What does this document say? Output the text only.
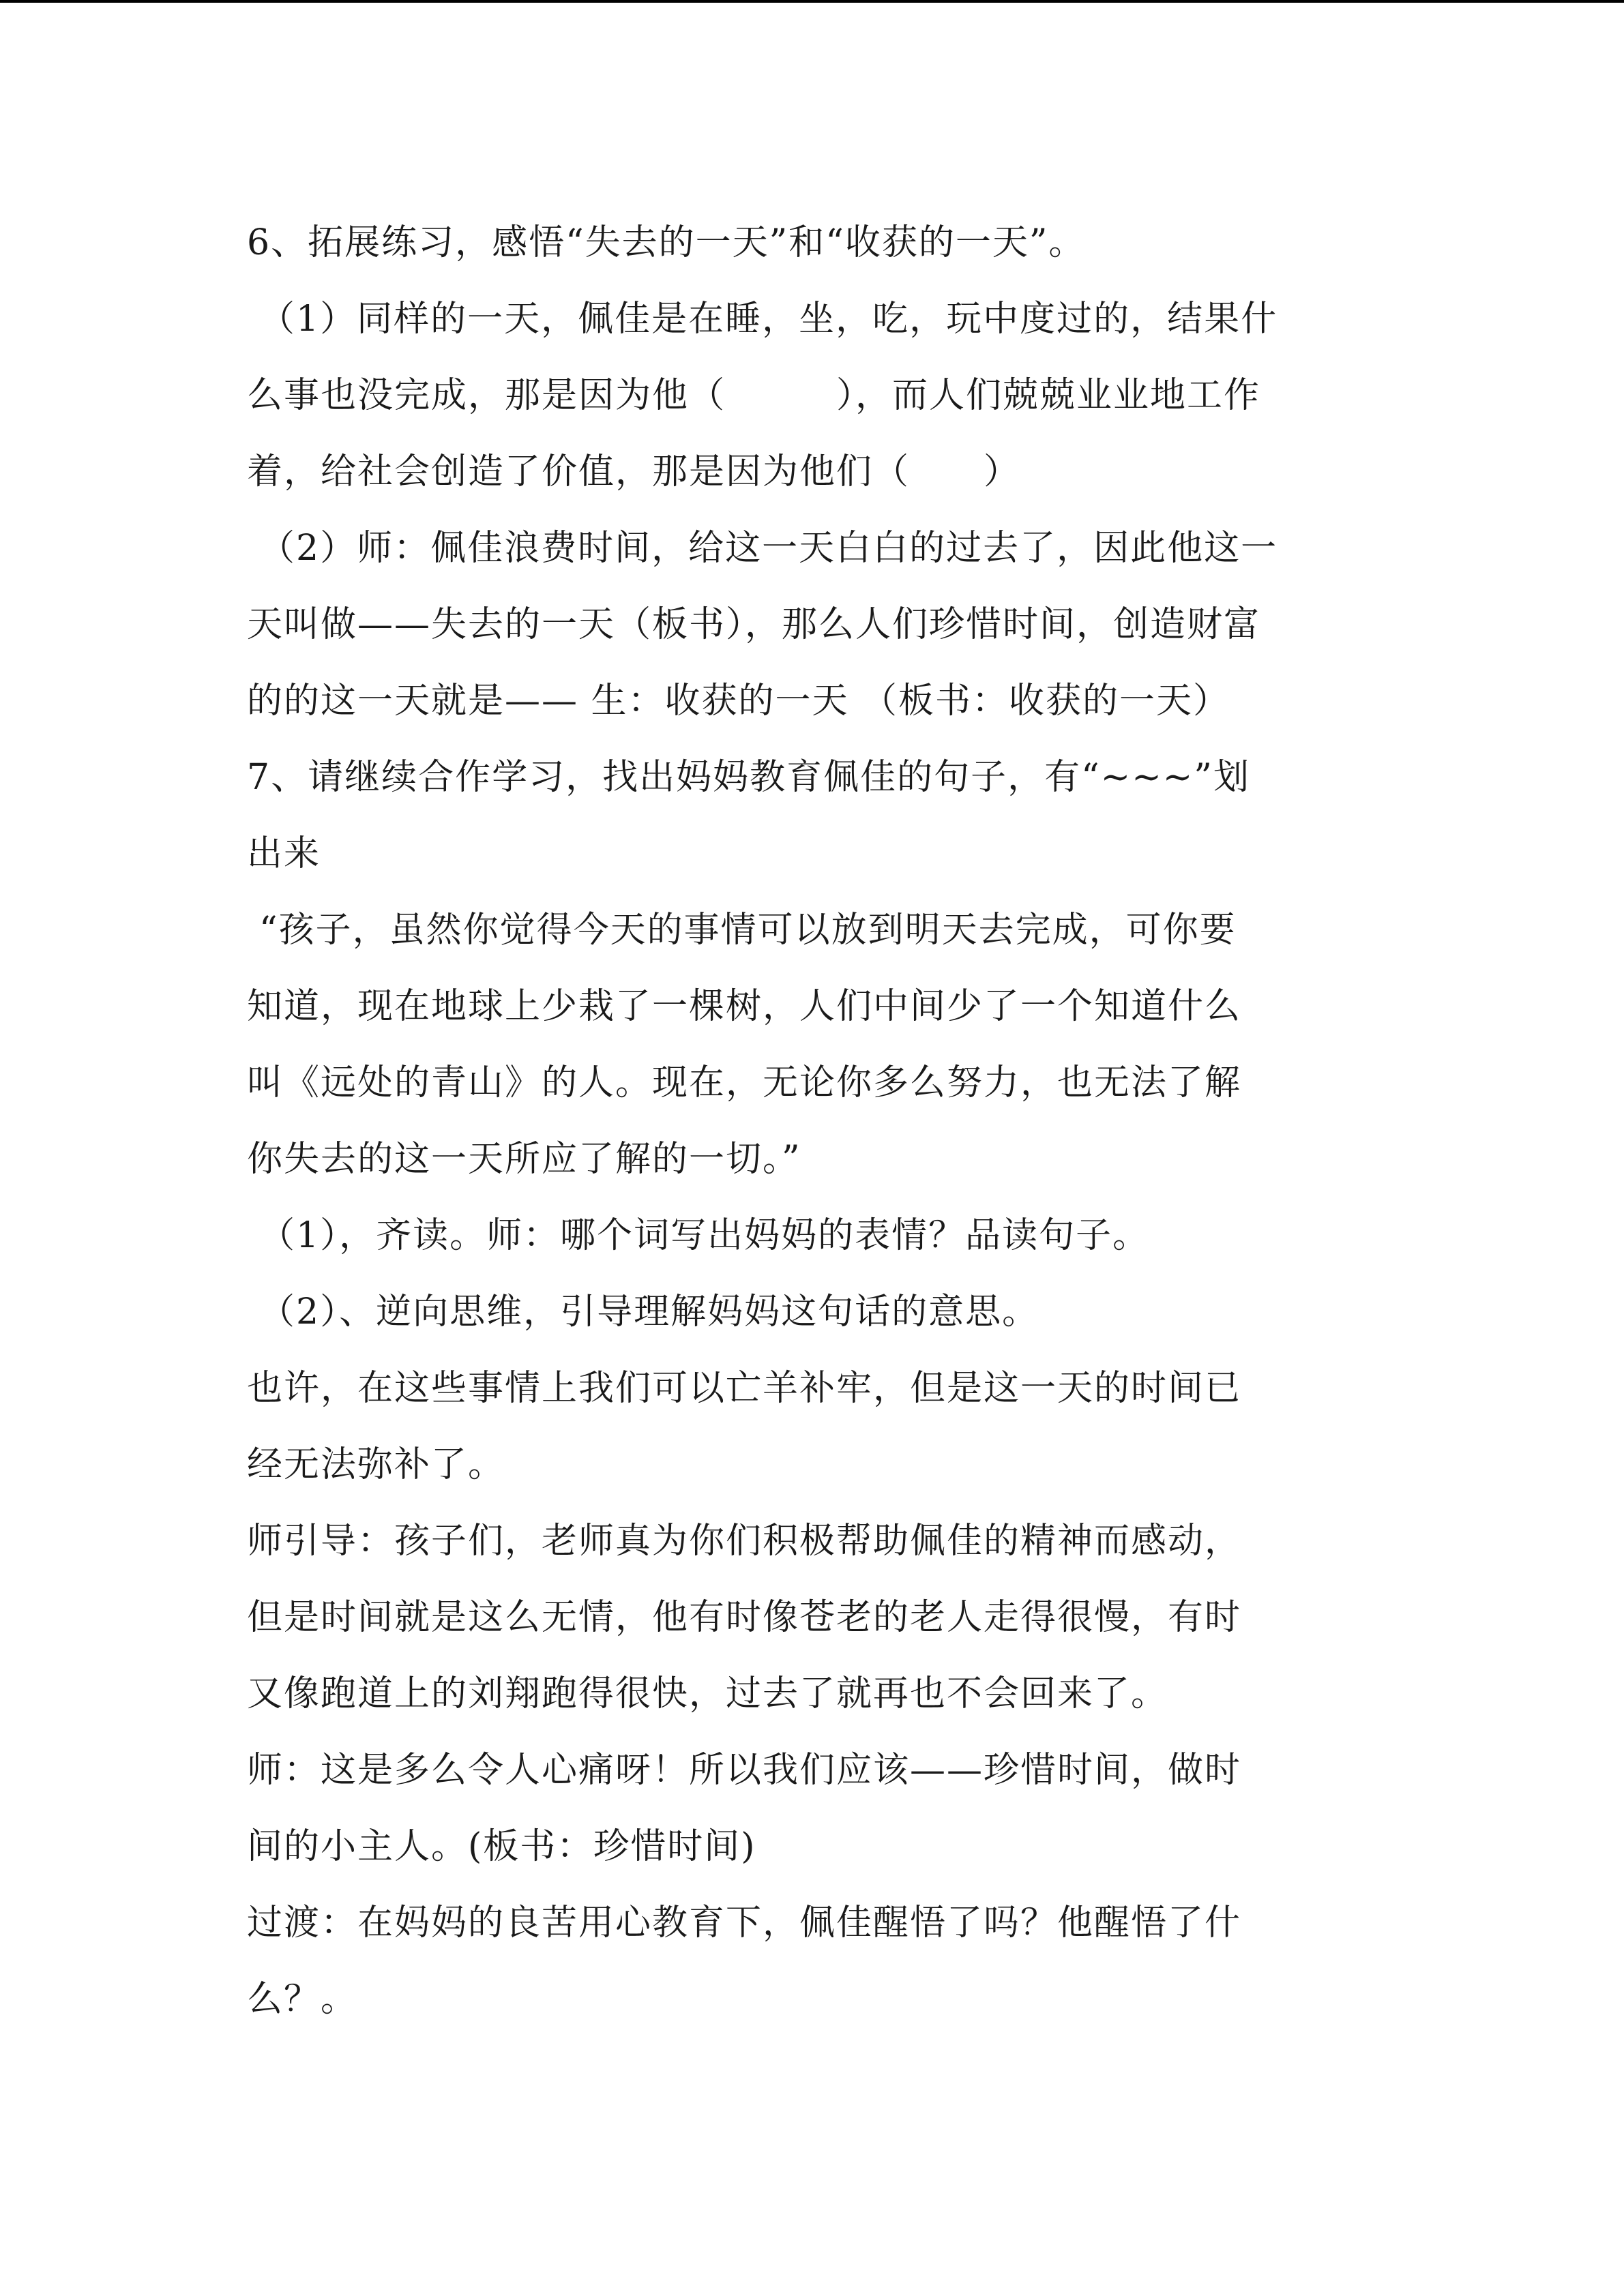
6、拓展练习，感悟“失去的一天”和“收获的一天”。
（1）同样的一天，佩佳是在睡，坐，吃，玩中度过的，结果什
么事也没完成，那是因为他（　　　），而人们兢兢业业地工作
着，给社会创造了价值，那是因为他们（　　）
（2）师：佩佳浪费时间，给这一天白白的过去了，因此他这一
天叫做——失去的一天（板书），那么人们珍惜时间，创造财富
的的这一天就是—— 生：收获的一天 （板书：收获的一天）
7、请继续合作学习，找出妈妈教育佩佳的句子，有“~~~”划
出来
“孩子，虽然你觉得今天的事情可以放到明天去完成，可你要
知道，现在地球上少栽了一棵树，人们中间少了一个知道什么
叫《远处的青山》的人。现在，无论你多么努力，也无法了解
你失去的这一天所应了解的一切。”
（1），齐读。师：哪个词写出妈妈的表情？品读句子。
（2）、逆向思维，引导理解妈妈这句话的意思。
也许，在这些事情上我们可以亡羊补牢，但是这一天的时间已
经无法弥补了。
师引导：孩子们，老师真为你们积极帮助佩佳的精神而感动，
但是时间就是这么无情，他有时像苍老的老人走得很慢，有时
又像跑道上的刘翔跑得很快，过去了就再也不会回来了。
师：这是多么令人心痛呀！所以我们应该——珍惜时间，做时
间的小主人。(板书：珍惜时间)
过渡：在妈妈的良苦用心教育下，佩佳醒悟了吗？他醒悟了什
么？。
